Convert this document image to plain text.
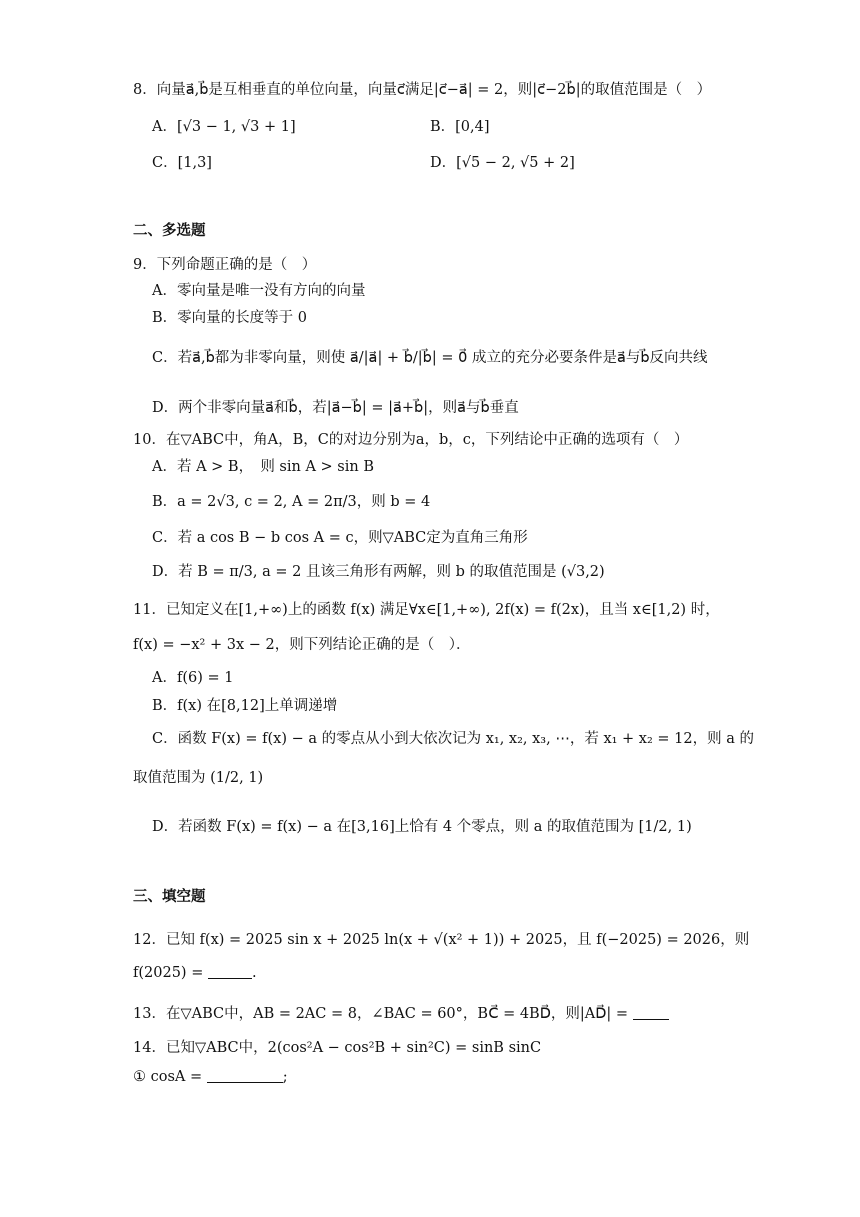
8．向量a⃗,b⃗是互相垂直的单位向量，向量c⃗满足|c⃗−a⃗| = 2，则|c⃗−2b⃗|的取值范围是（　）
A．[√3 − 1, √3 + 1]	B．[0,4]
C．[1,3]	D．[√5 − 2, √5 + 2]
二、多选题
9．下列命题正确的是（　）
A．零向量是唯一没有方向的向量
B．零向量的长度等于 0
C．若a⃗,b⃗都为非零向量，则使 a⃗/|a⃗| + b⃗/|b⃗| = 0⃗ 成立的充分必要条件是a⃗与b⃗反向共线
D．两个非零向量a⃗和b⃗，若|a⃗−b⃗| = |a⃗+b⃗|，则a⃗与b⃗垂直
10．在▽ABC中，角A，B，C的对边分别为a，b，c，下列结论中正确的选项有（　）
A．若 A > B，　则 sin A > sin B
B．a = 2√3, c = 2, A = 2π/3，则 b = 4
C．若 a cos B − b cos A = c，则▽ABC定为直角三角形
D．若 B = π/3, a = 2 且该三角形有两解，则 b 的取值范围是 (√3,2)
11．已知定义在[1,+∞)上的函数 f(x) 满足∀x∈[1,+∞), 2f(x) = f(2x)，且当 x∈[1,2) 时，
f(x) = −x² + 3x − 2，则下列结论正确的是（　）．
A．f(6) = 1
B．f(x) 在[8,12]上单调递增
C．函数 F(x) = f(x) − a 的零点从小到大依次记为 x₁, x₂, x₃, ⋯，若 x₁ + x₂ = 12，则 a 的
取值范围为 (1/2, 1)
D．若函数 F(x) = f(x) − a 在[3,16]上恰有 4 个零点，则 a 的取值范围为 [1/2, 1)
三、填空题
12．已知 f(x) = 2025 sin x + 2025 ln(x + √(x² + 1)) + 2025，且 f(−2025) = 2026，则
f(2025) =	.
13．在▽ABC中，AB = 2AC = 8，∠BAC = 60°，BC⃗ = 4BD⃗，则|AD⃗| =
14．已知▽ABC中，2(cos²A − cos²B + sin²C) = sinB sinC
① cosA =	;
